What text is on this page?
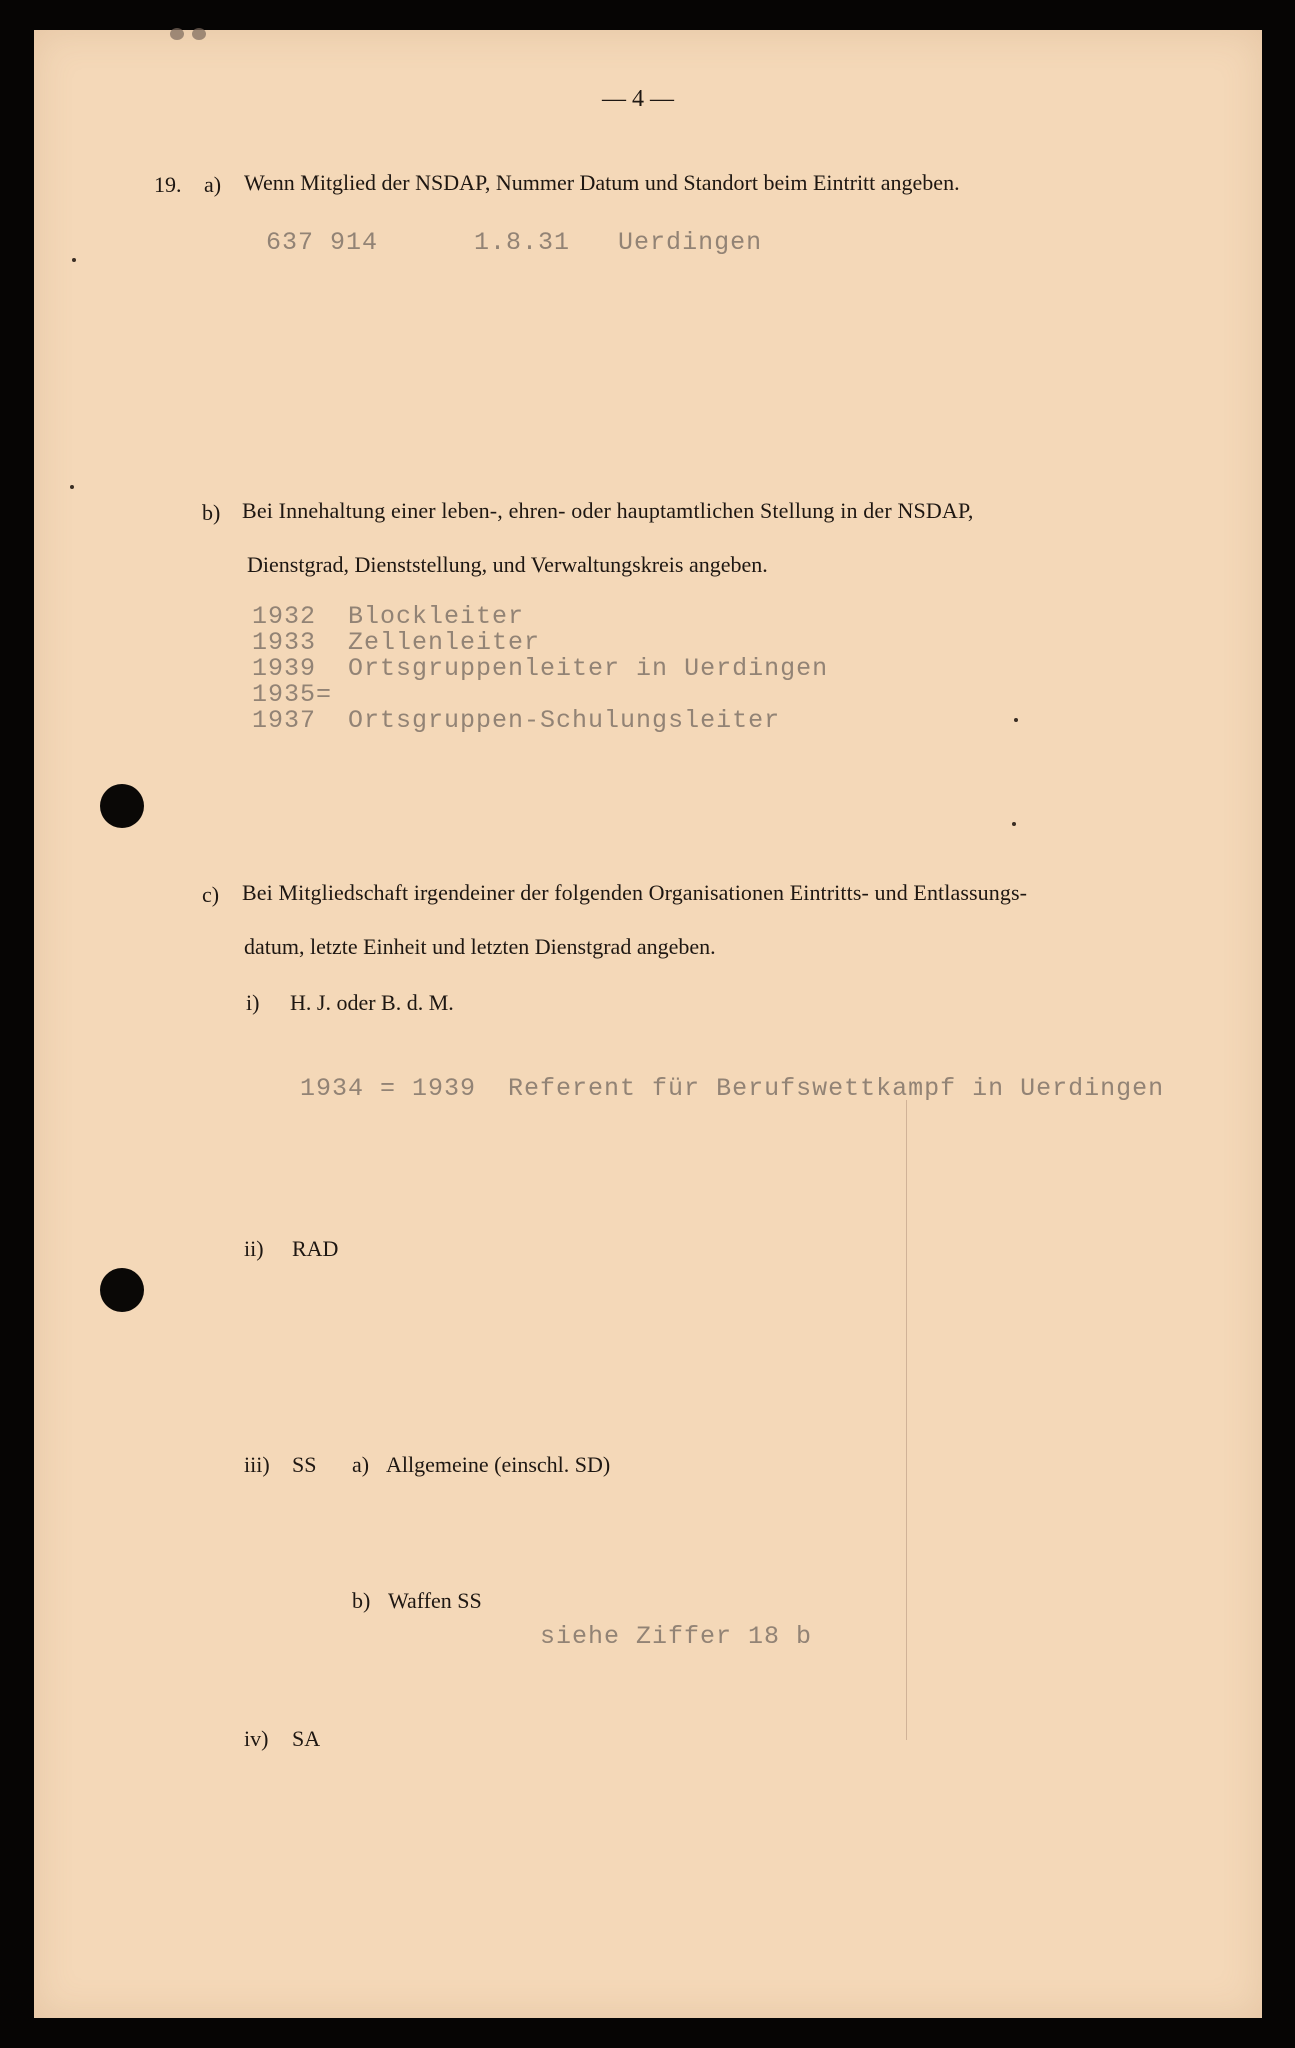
— 4 —
19. a) Wenn Mitglied der NSDAP, Nummer Datum und Standort beim Eintritt angeben.
637 914      1.8.31   Uerdingen
b) Bei Innehaltung einer leben-, ehren- oder hauptamtlichen Stellung in der NSDAP,
Dienstgrad, Dienststellung, und Verwaltungskreis angeben.
1932  Blockleiter
1933  Zellenleiter
1939  Ortsgruppenleiter in Uerdingen
1935=
1937  Ortsgruppen-Schulungsleiter
c) Bei Mitgliedschaft irgendeiner der folgenden Organisationen Eintritts- und Entlassungs-
datum, letzte Einheit und letzten Dienstgrad angeben.
i) H. J. oder B. d. M.
1934 = 1939  Referent für Berufswettkampf in Uerdingen
ii) RAD
iii) SS a) Allgemeine (einschl. SD)
b) Waffen SS
siehe Ziffer 18 b
iv) SA
